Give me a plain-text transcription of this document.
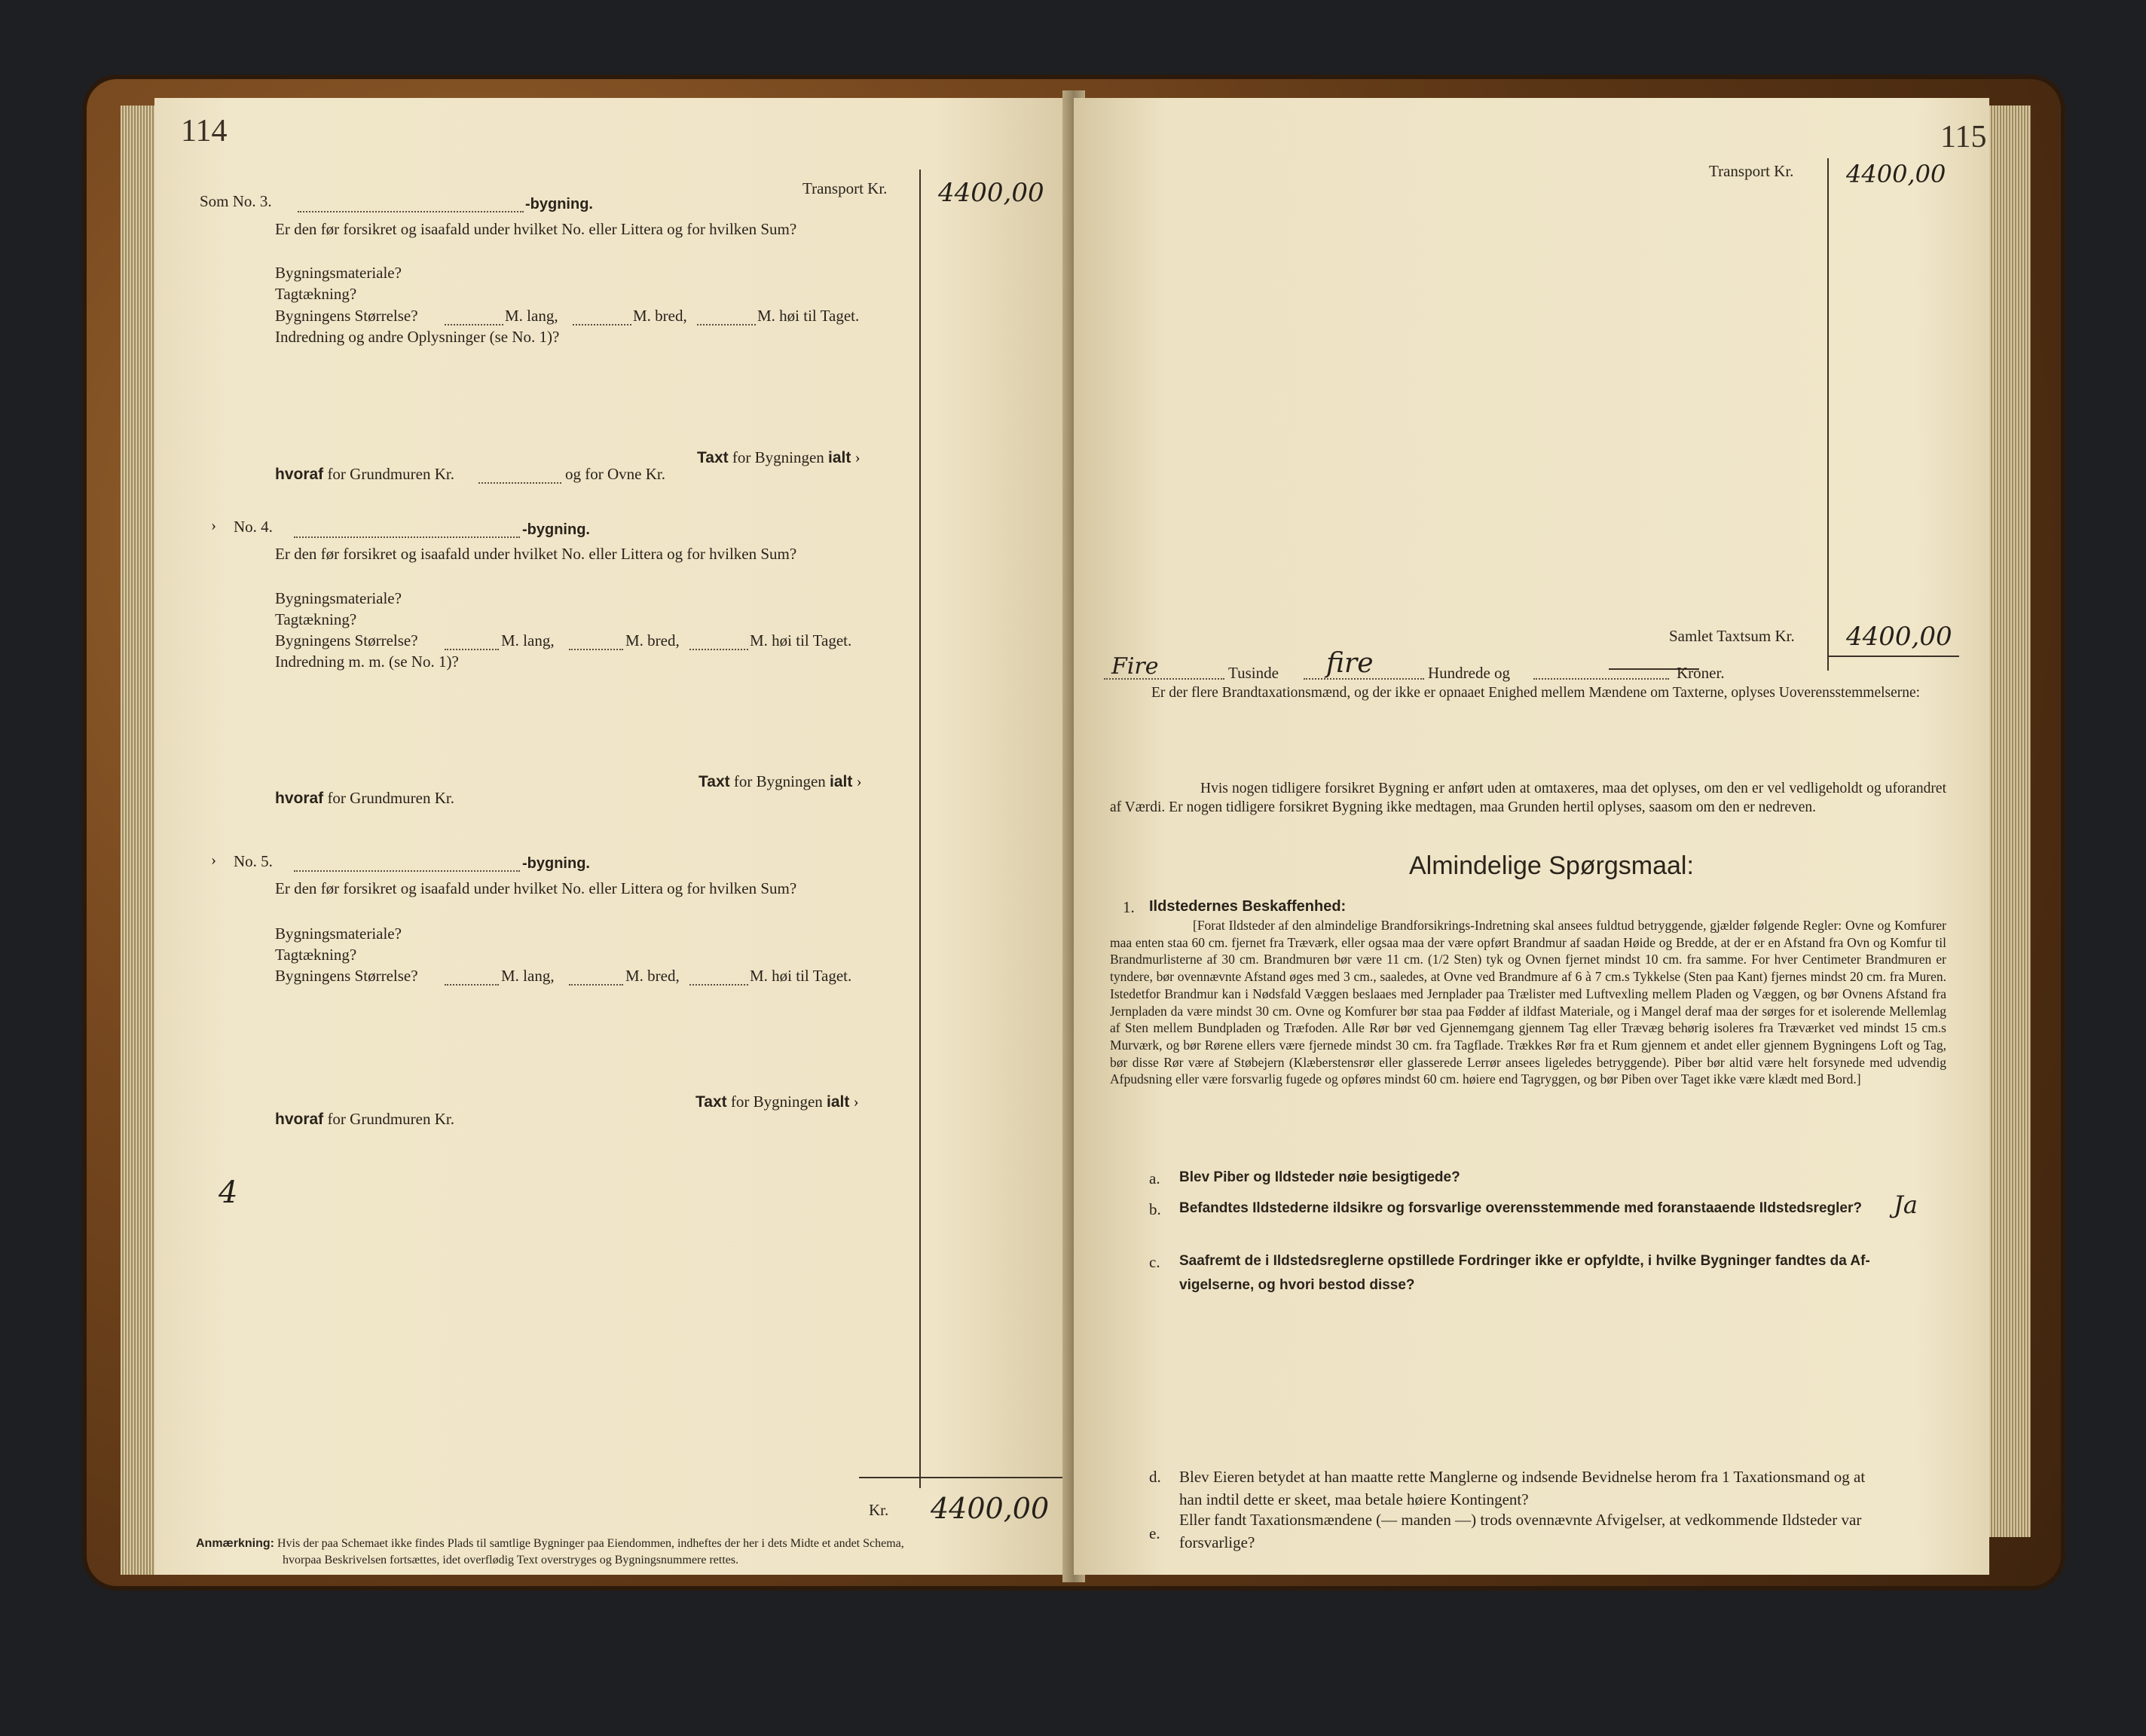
114
Transport Kr. 4400,00
Som No. 3.	-bygning.
Er den før forsikret og isaafald under hvilket No. eller Littera og for hvilken Sum?
Bygningsmateriale?
Tagtækning?
Bygningens Størrelse?	M. lang,	M. bred,	M. høi til Taget.
Indredning og andre Oplysninger (se No. 1)?
Taxt for Bygningen ialt ›
hvoraf for Grundmuren Kr.	og for Ovne Kr.
› No. 4.	-bygning.
Er den før forsikret og isaafald under hvilket No. eller Littera og for hvilken Sum?
Bygningsmateriale?
Tagtækning?
Bygningens Størrelse?	M. lang,	M. bred,	M. høi til Taget.
Indredning m. m. (se No. 1)?
Taxt for Bygningen ialt ›
hvoraf for Grundmuren Kr.
› No. 5.	-bygning.
Er den før forsikret og isaafald under hvilket No. eller Littera og for hvilken Sum?
Bygningsmateriale?
Tagtækning?
Bygningens Størrelse?	M. lang,	M. bred,	M. høi til Taget.
Taxt for Bygningen ialt ›
hvoraf for Grundmuren Kr.
4
Kr. 4400,00
Anmærkning: Hvis der paa Schemaet ikke findes Plads til samtlige Bygninger paa Eiendommen, indheftes der her i dets Midte et andet Schema,
hvorpaa Beskrivelsen fortsættes, idet overflødig Text overstryges og Bygningsnummere rettes.
115
Transport Kr. 4400,00
Samlet Taxtsum Kr. 4400,00
Fire	Tusinde fire	Hundrede og	Kroner.
Er der flere Brandtaxationsmænd, og der ikke er opnaaet Enighed mellem Mændene om Taxterne, oplyses Uoverensstemmelserne:
Hvis nogen tidligere forsikret Bygning er anført uden at omtaxeres, maa det oplyses, om den er vel vedligeholdt og uforandret af Værdi. Er nogen tidligere forsikret Bygning ikke medtagen, maa Grunden hertil oplyses, saasom om den er nedreven.
Almindelige Spørgsmaal:
1. Ildstedernes Beskaffenhed:
[Forat Ildsteder af den almindelige Brandforsikrings-Indretning skal ansees fuldtud betryggende, gjælder følgende Regler: Ovne og Komfurer maa enten staa 60 cm. fjernet fra Træværk, eller ogsaa maa der være opført Brandmur af saadan Høide og Bredde, at der er en Afstand fra Ovn og Komfur til Brandmurlisterne af 30 cm. Brandmuren bør være 11 cm. (1/2 Sten) tyk og Ovnen fjernet mindst 10 cm. fra samme. For hver Centimeter Brandmuren er tyndere, bør ovennævnte Afstand øges med 3 cm., saaledes, at Ovne ved Brandmure af 6 à 7 cm.s Tykkelse (Sten paa Kant) fjernes mindst 20 cm. fra Muren. Istedetfor Brandmur kan i Nødsfald Væggen beslaaes med Jernplader paa Trælister med Luftvexling mellem Pladen og Væggen, og bør Ovnens Afstand fra Jernpladen da være mindst 30 cm. Ovne og Komfurer bør staa paa Fødder af ildfast Materiale, og i Mangel deraf maa der sørges for et isolerende Mellemlag af Sten mellem Bundpladen og Træfoden. Alle Rør bør ved Gjennemgang gjennem Tag eller Trævæg behørig isoleres fra Træværket ved mindst 15 cm.s Murværk, og bør Rørene ellers være fjernede mindst 30 cm. fra Tagflade. Trækkes Rør fra et Rum gjennem et andet eller gjennem Bygningens Loft og Tag, bør disse Rør være af Støbejern (Klæberstensrør eller glasserede Lerrør ansees ligeledes betryggende). Piber bør altid være helt forsynede med udvendig Afpudsning eller være forsvarlig fugede og opføres mindst 60 cm. høiere end Tagryggen, og bør Piben over Taget ikke være klædt med Bord.]
a. Blev Piber og Ildsteder nøie besigtigede?
b. Befandtes Ildstederne ildsikre og forsvarlige overensstemmende med foranstaaende Ildstedsregler? Ja
c. Saafremt de i Ildstedsreglerne opstillede Fordringer ikke er opfyldte, i hvilke Bygninger fandtes da Af-
vigelserne, og hvori bestod disse?
d. Blev Eieren betydet at han maatte rette Manglerne og indsende Bevidnelse herom fra 1 Taxationsmand og at
han indtil dette er skeet, maa betale høiere Kontingent?
e.
Eller fandt Taxationsmændene (— manden —) trods ovennævnte Afvigelser, at vedkommende Ildsteder var
forsvarlige?
